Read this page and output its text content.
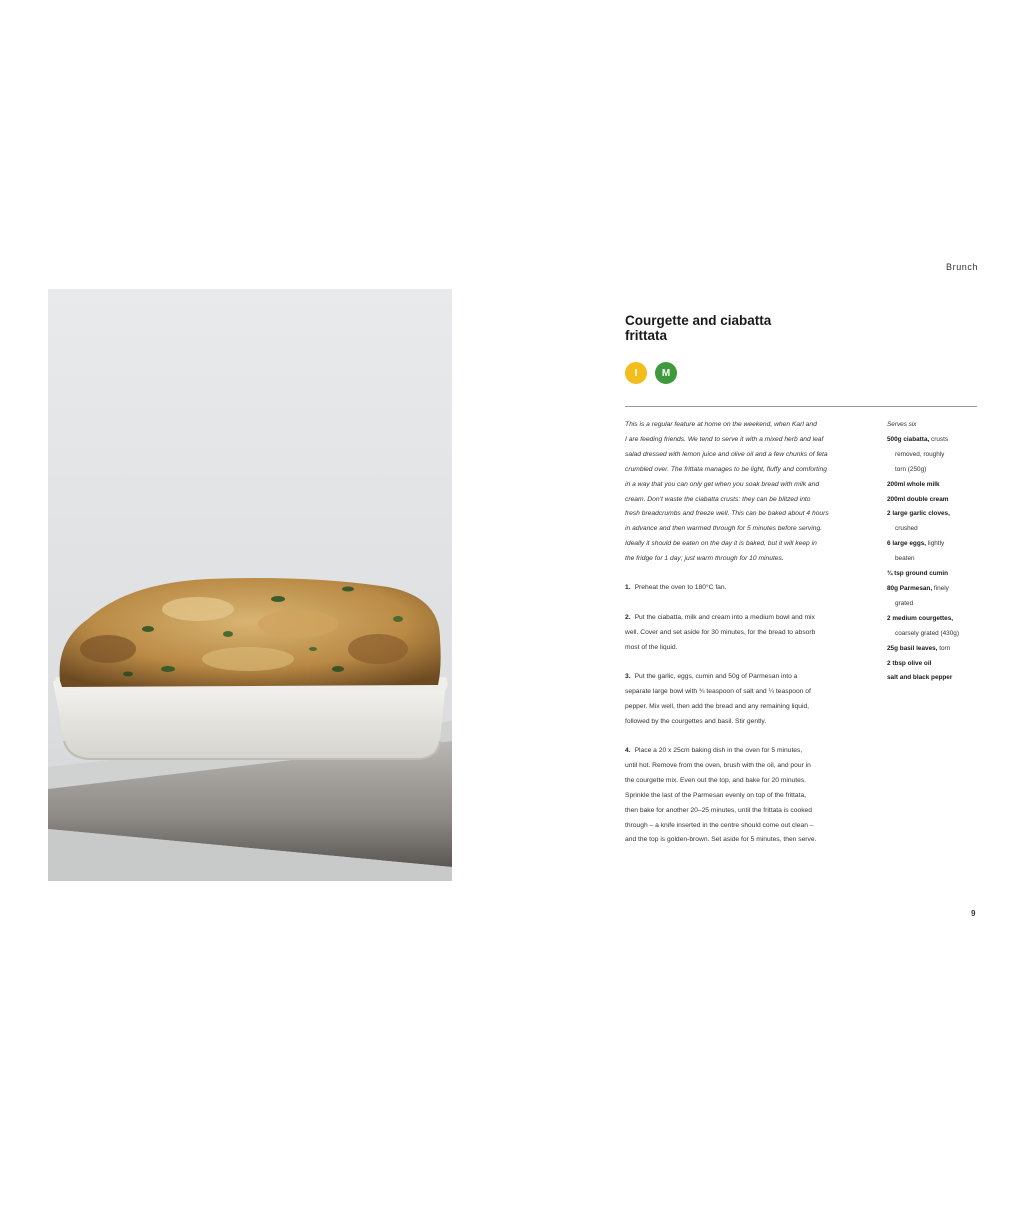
Brunch
Courgette and ciabatta
frittata
I	M
This is a regular feature at home on the weekend, when Karl and
I are feeding friends. We tend to serve it with a mixed herb and leaf
salad dressed with lemon juice and olive oil and a few chunks of feta
crumbled over. The frittata manages to be light, fluffy and comforting
in a way that you can only get when you soak bread with milk and
cream. Don’t waste the ciabatta crusts: they can be blitzed into
fresh breadcrumbs and freeze well. This can be baked about 4 hours
in advance and then warmed through for 5 minutes before serving.
Ideally it should be eaten on the day it is baked, but it will keep in
the fridge for 1 day; just warm through for 10 minutes.
1. Preheat the oven to 180°C fan.
2. Put the ciabatta, milk and cream into a medium bowl and mix
well. Cover and set aside for 30 minutes, for the bread to absorb
most of the liquid.
3. Put the garlic, eggs, cumin and 50g of Parmesan into a
separate large bowl with ¾ teaspoon of salt and ¼ teaspoon of
pepper. Mix well, then add the bread and any remaining liquid,
followed by the courgettes and basil. Stir gently.
4. Place a 20 x 25cm baking dish in the oven for 5 minutes,
until hot. Remove from the oven, brush with the oil, and pour in
the courgette mix. Even out the top, and bake for 20 minutes.
Sprinkle the last of the Parmesan evenly on top of the frittata,
then bake for another 20–25 minutes, until the frittata is cooked
through – a knife inserted in the centre should come out clean –
and the top is golden-brown. Set aside for 5 minutes, then serve.
Serves six
500g ciabatta, crusts
removed, roughly
torn (250g)
200ml whole milk
200ml double cream
2 large garlic cloves,
crushed
6 large eggs, lightly
beaten
¾ tsp ground cumin
80g Parmesan, finely
grated
2 medium courgettes,
coarsely grated (430g)
25g basil leaves, torn
2 tbsp olive oil
salt and black pepper
9
